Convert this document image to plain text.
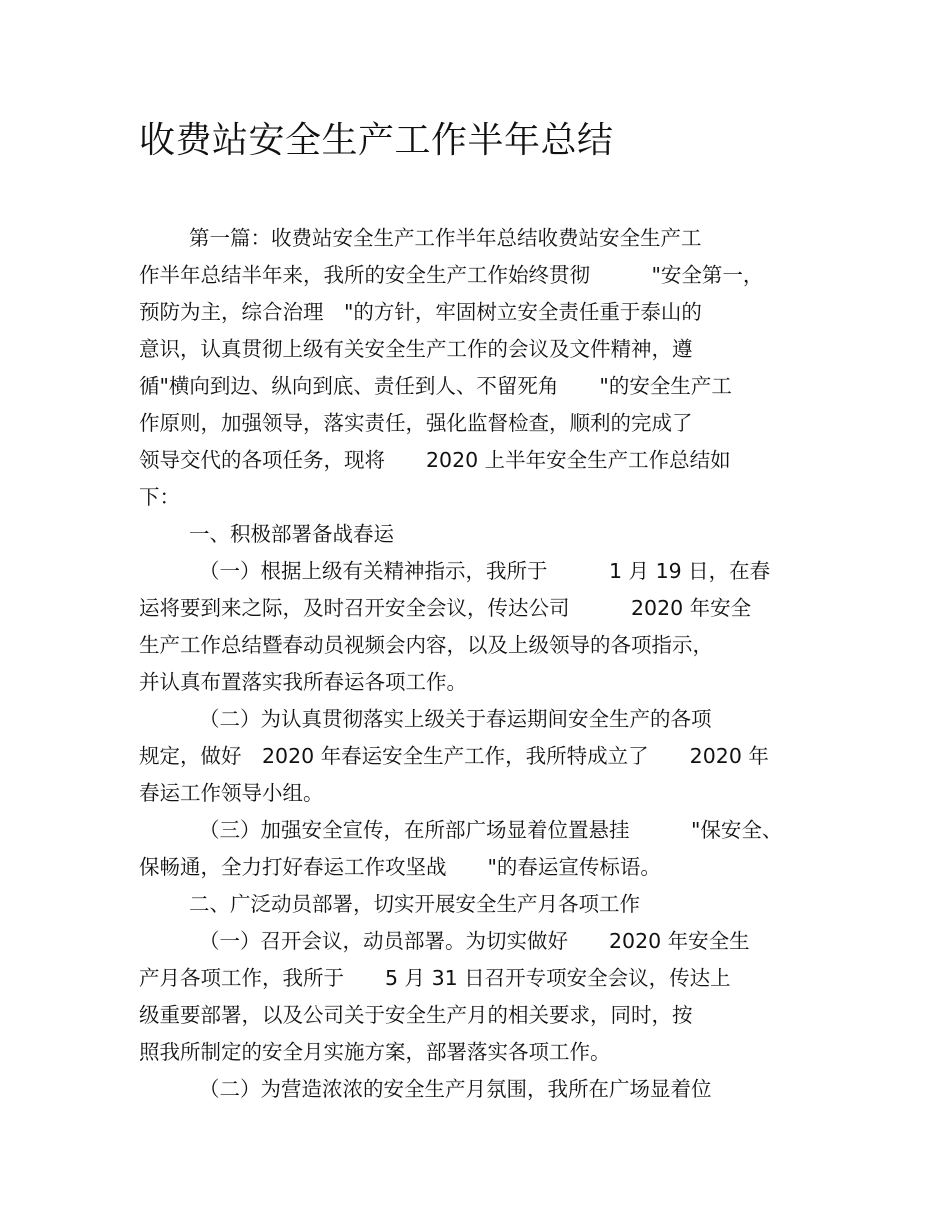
收费站安全生产工作半年总结
第一篇：收费站安全生产工作半年总结收费站安全生产工
作半年总结半年来，我所的安全生产工作始终贯彻　　　"安全第一，
预防为主，综合治理　"的方针，牢固树立安全责任重于泰山的
意识，认真贯彻上级有关安全生产工作的会议及文件精神，遵
循"横向到边、纵向到底、责任到人、不留死角　　"的安全生产工
作原则，加强领导，落实责任，强化监督检查，顺利的完成了
领导交代的各项任务，现将　　2020 上半年安全生产工作总结如
下：
一、积极部署备战春运
（一）根据上级有关精神指示，我所于　　　1 月 19 日，在春
运将要到来之际，及时召开安全会议，传达公司　　　2020 年安全
生产工作总结暨春动员视频会内容，以及上级领导的各项指示，
并认真布置落实我所春运各项工作。
（二）为认真贯彻落实上级关于春运期间安全生产的各项
规定，做好　2020 年春运安全生产工作，我所特成立了　　2020 年
春运工作领导小组。
（三）加强安全宣传，在所部广场显着位置悬挂　　　"保安全、
保畅通，全力打好春运工作攻坚战　　"的春运宣传标语。
二、广泛动员部署，切实开展安全生产月各项工作
（一）召开会议，动员部署。为切实做好　　2020 年安全生
产月各项工作，我所于　　5 月 31 日召开专项安全会议，传达上
级重要部署，以及公司关于安全生产月的相关要求，同时，按
照我所制定的安全月实施方案，部署落实各项工作。
（二）为营造浓浓的安全生产月氛围，我所在广场显着位
